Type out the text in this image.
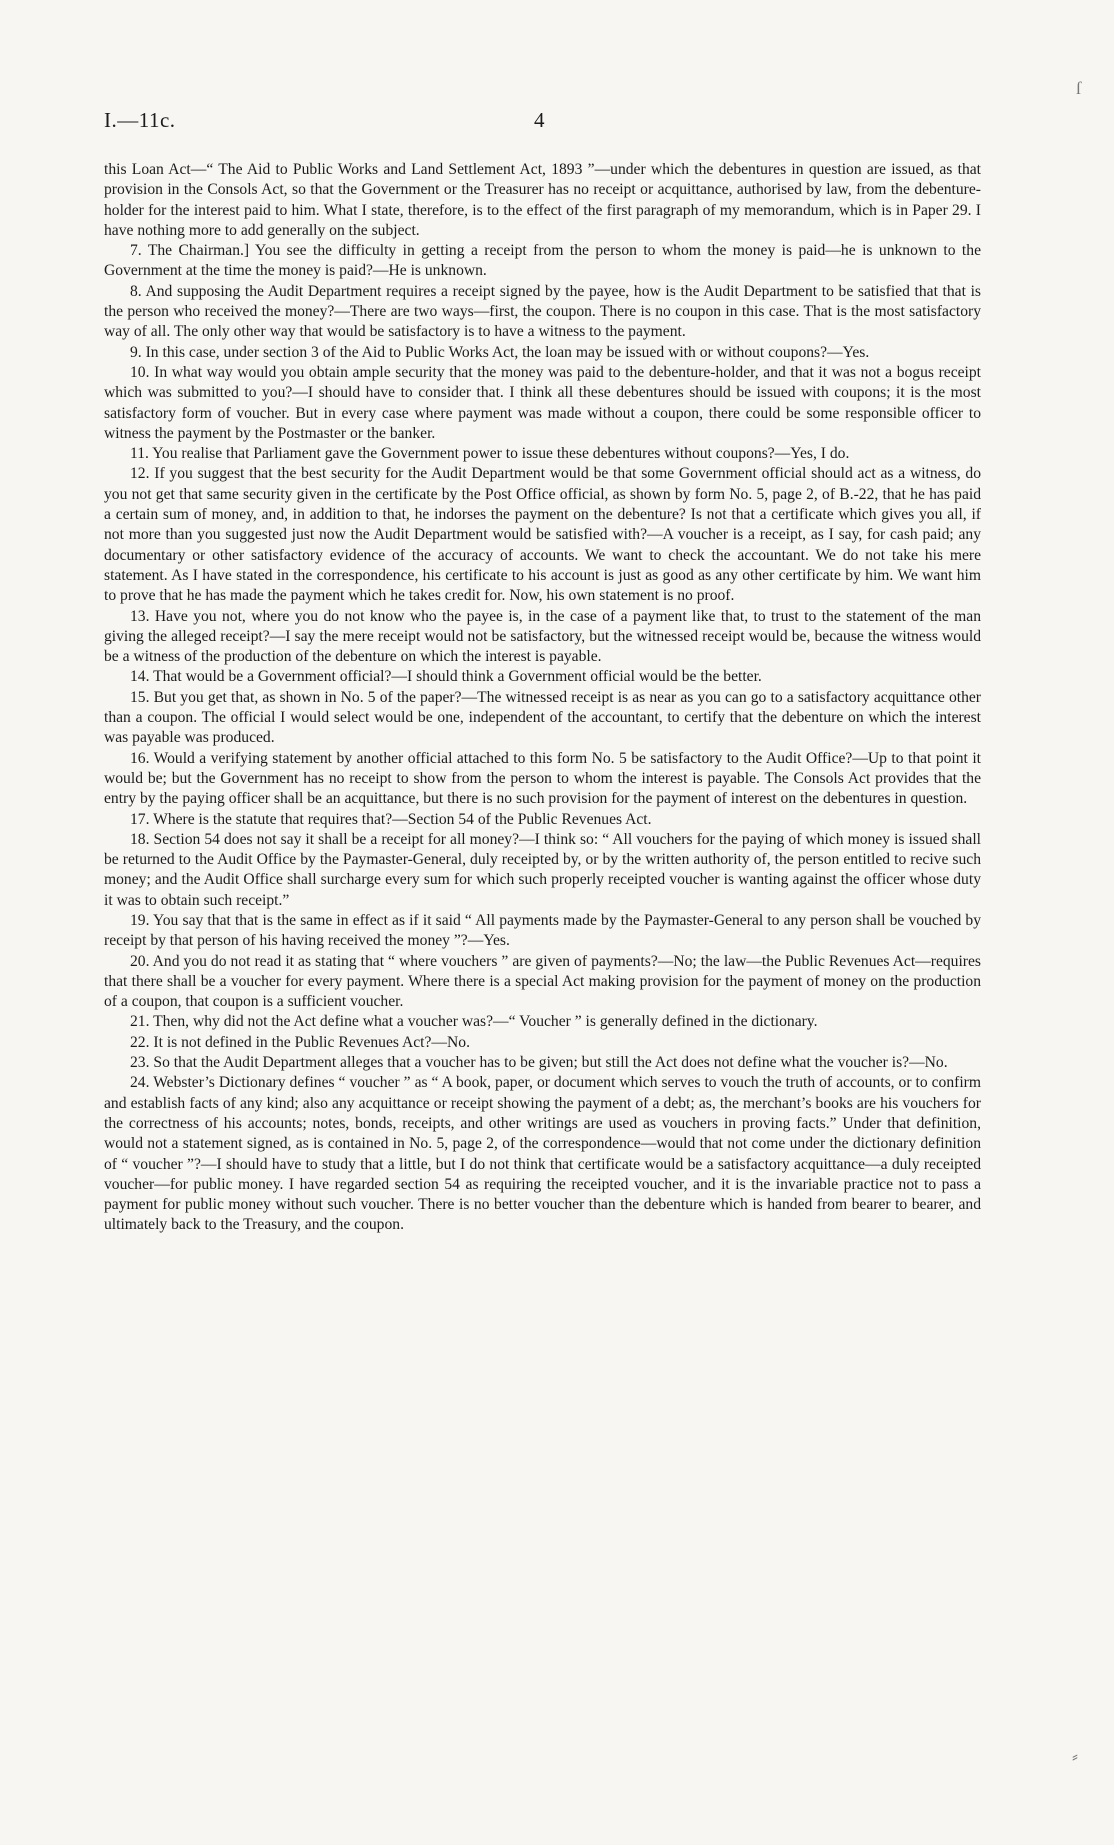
I.—11c.	4
ſ
⸗

this Loan Act—“ The Aid to Public Works and Land Settlement Act, 1893 ”—under which the debentures in question are issued, as that provision in the Consols Act, so that the Government or the Treasurer has no receipt or acquittance, authorised by law, from the debenture-holder for the interest paid to him. What I state, therefore, is to the effect of the first paragraph of my memorandum, which is in Paper 29. I have nothing more to add generally on the subject.

7. The Chairman.] You see the difficulty in getting a receipt from the person to whom the money is paid—he is unknown to the Government at the time the money is paid?—He is unknown.

8. And supposing the Audit Department requires a receipt signed by the payee, how is the Audit Department to be satisfied that that is the person who received the money?—There are two ways—first, the coupon. There is no coupon in this case. That is the most satisfactory way of all. The only other way that would be satisfactory is to have a witness to the payment.

9. In this case, under section 3 of the Aid to Public Works Act, the loan may be issued with or without coupons?—Yes.

10. In what way would you obtain ample security that the money was paid to the debenture-holder, and that it was not a bogus receipt which was submitted to you?—I should have to consider that. I think all these debentures should be issued with coupons; it is the most satisfactory form of voucher. But in every case where payment was made without a coupon, there could be some responsible officer to witness the payment by the Postmaster or the banker.

11. You realise that Parliament gave the Government power to issue these debentures without coupons?—Yes, I do.

12. If you suggest that the best security for the Audit Department would be that some Government official should act as a witness, do you not get that same security given in the certificate by the Post Office official, as shown by form No. 5, page 2, of B.-22, that he has paid a certain sum of money, and, in addition to that, he indorses the payment on the debenture? Is not that a certificate which gives you all, if not more than you suggested just now the Audit Department would be satisfied with?—A voucher is a receipt, as I say, for cash paid; any documentary or other satisfactory evidence of the accuracy of accounts. We want to check the accountant. We do not take his mere statement. As I have stated in the correspondence, his certificate to his account is just as good as any other certificate by him. We want him to prove that he has made the payment which he takes credit for. Now, his own statement is no proof.

13. Have you not, where you do not know who the payee is, in the case of a payment like that, to trust to the statement of the man giving the alleged receipt?—I say the mere receipt would not be satisfactory, but the witnessed receipt would be, because the witness would be a witness of the production of the debenture on which the interest is payable.

14. That would be a Government official?—I should think a Government official would be the better.

15. But you get that, as shown in No. 5 of the paper?—The witnessed receipt is as near as you can go to a satisfactory acquittance other than a coupon. The official I would select would be one, independent of the accountant, to certify that the debenture on which the interest was payable was produced.

16. Would a verifying statement by another official attached to this form No. 5 be satisfactory to the Audit Office?—Up to that point it would be; but the Government has no receipt to show from the person to whom the interest is payable. The Consols Act provides that the entry by the paying officer shall be an acquittance, but there is no such provision for the payment of interest on the debentures in question.

17. Where is the statute that requires that?—Section 54 of the Public Revenues Act.

18. Section 54 does not say it shall be a receipt for all money?—I think so: “ All vouchers for the paying of which money is issued shall be returned to the Audit Office by the Paymaster-General, duly receipted by, or by the written authority of, the person entitled to recive such money; and the Audit Office shall surcharge every sum for which such properly receipted voucher is wanting against the officer whose duty it was to obtain such receipt.”

19. You say that that is the same in effect as if it said “ All payments made by the Paymaster-General to any person shall be vouched by receipt by that person of his having received the money ”?—Yes.

20. And you do not read it as stating that “ where vouchers ” are given of payments?—No; the law—the Public Revenues Act—requires that there shall be a voucher for every payment. Where there is a special Act making provision for the payment of money on the production of a coupon, that coupon is a sufficient voucher.

21. Then, why did not the Act define what a voucher was?—“ Voucher ” is generally defined in the dictionary.

22. It is not defined in the Public Revenues Act?—No.

23. So that the Audit Department alleges that a voucher has to be given; but still the Act does not define what the voucher is?—No.

24. Webster’s Dictionary defines “ voucher ” as “ A book, paper, or document which serves to vouch the truth of accounts, or to confirm and establish facts of any kind; also any acquittance or receipt showing the payment of a debt; as, the merchant’s books are his vouchers for the correctness of his accounts; notes, bonds, receipts, and other writings are used as vouchers in proving facts.” Under that definition, would not a statement signed, as is contained in No. 5, page 2, of the correspondence—would that not come under the dictionary definition of “ voucher ”?—I should have to study that a little, but I do not think that certificate would be a satisfactory acquittance—a duly receipted voucher—for public money. I have regarded section 54 as requiring the receipted voucher, and it is the invariable practice not to pass a payment for public money without such voucher. There is no better voucher than the debenture which is handed from bearer to bearer, and ultimately back to the Treasury, and the coupon.
